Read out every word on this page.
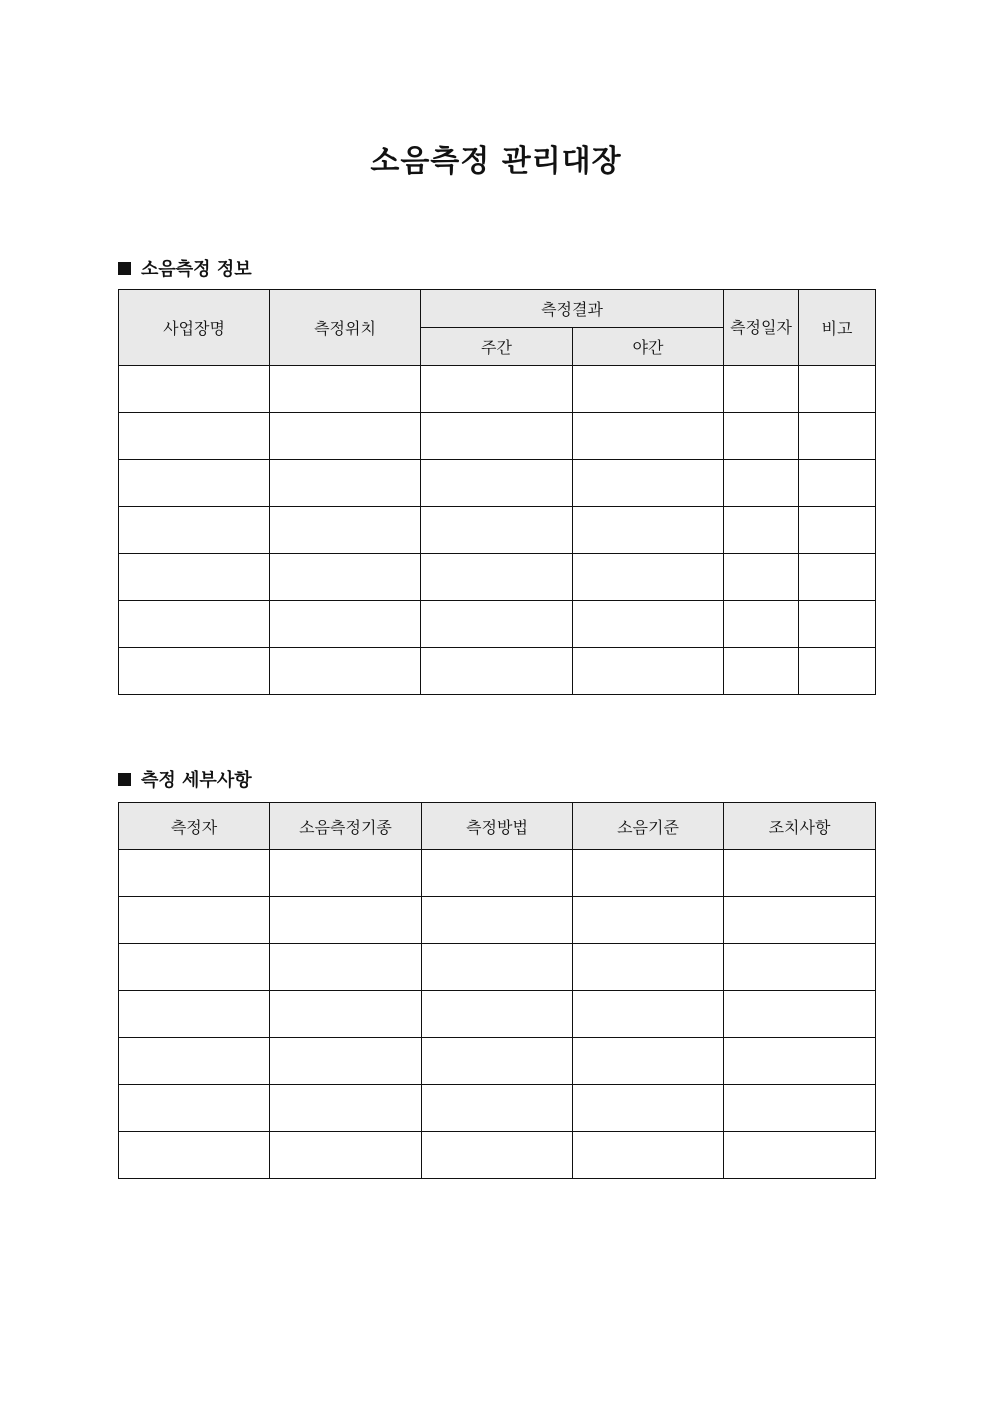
소음측정 관리대장
소음측정 정보
사업장명	측정위치	측정결과		측정일자	비고
		주간	야간		

측정 세부사항
측정자	소음측정기종	측정방법	소음기준	조치사항
